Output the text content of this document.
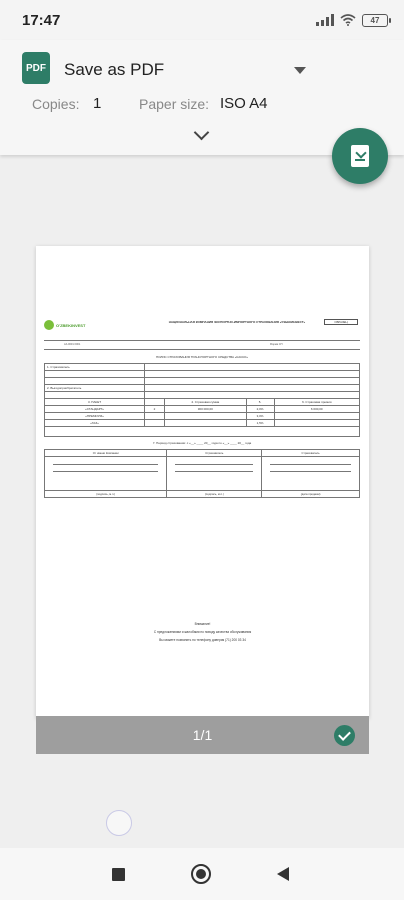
17:47	47
PDF Save as PDF
Copies: 1	Paper size: ISO A4
O'ZBEKINVEST
НАЦИОНАЛЬНАЯ КОМПАНИЯ ЭКСПОРТНО-ИМПОРТНОГО СТРАХОВАНИЯ «УЗБЕКИНВЕСТ»	ОБРАЗЕЦ
AA 0001 0001	Форма СП
ПОЛИС СТРАХОВАНИЯ ТРАНСПОРТНОГО СРЕДСТВА «КАСКО»
1. Страхователь				

2. Выгодоприобретатель				

3. ПАКЕТ		4. Страховая сумма	5.	6. Страховая премия
«СТАНДАРТ»	2	300 000,00	2,0%	6 000,00
«ПРЕМИУМ»			3,0%	
«ГАЗ»			1,5%	

7. Период страхования: с «__» ____ 20__ года по «__» ____ 20__ года
От имени Компании	Страхователь	Страхователь

(подпись, м.п.)	(подпись, м.п.)	(дата продажи)
Внимание!
С предложениями и жалобами по поводу качества обслуживания
Вы можете позвонить по телефону доверия (71) 200 03 34
1/1
